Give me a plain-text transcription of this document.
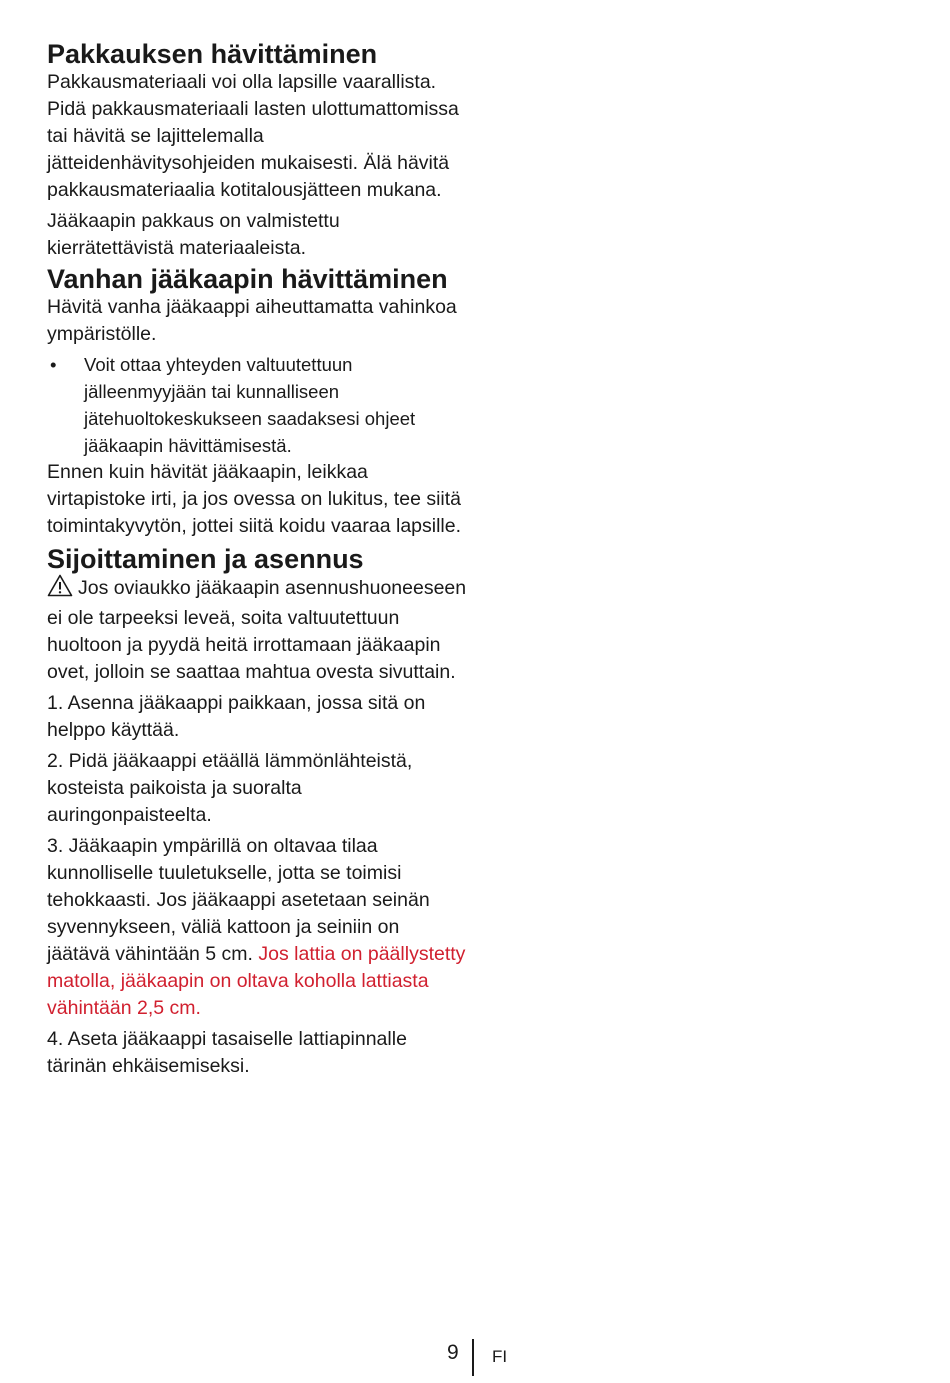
Pakkauksen hävittäminen

Pakkausmateriaali voi olla lapsille vaarallista. Pidä pakkausmateriaali lasten ulottumattomissa tai hävitä se lajittelemalla jätteidenhävitysohjeiden mukaisesti. Älä hävitä pakkausmateriaalia kotitalousjätteen mukana.

Jääkaapin pakkaus on valmistettu kierrätettävistä materiaaleista.

Vanhan jääkaapin hävittäminen

Hävitä vanha jääkaappi aiheuttamatta vahinkoa ympäristölle.

•	Voit ottaa yhteyden valtuutettuun jälleenmyyjään tai kunnalliseen jätehuoltokeskukseen saadaksesi ohjeet jääkaapin hävittämisestä.

Ennen kuin hävität jääkaapin, leikkaa virtapistoke irti, ja jos ovessa on lukitus, tee siitä toimintakyvytön, jottei siitä koidu vaaraa lapsille.

Sijoittaminen ja asennus

Jos oviaukko jääkaapin asennushuoneeseen ei ole tarpeeksi leveä, soita valtuutettuun huoltoon ja pyydä heitä irrottamaan jääkaapin ovet, jolloin se saattaa mahtua ovesta sivuttain.

1. Asenna jääkaappi paikkaan, jossa sitä on helppo käyttää.

2. Pidä jääkaappi etäällä lämmönlähteistä, kosteista paikoista ja suoralta auringonpaisteelta.

3. Jääkaapin ympärillä on oltavaa tilaa kunnolliselle tuuletukselle, jotta se toimisi tehokkaasti. Jos jääkaappi asetetaan seinän syvennykseen, väliä kattoon ja seiniin on jäätävä vähintään 5 cm. Jos lattia on päällystetty matolla, jääkaapin on oltava koholla lattiasta vähintään 2,5 cm.

4. Aseta jääkaappi tasaiselle lattiapinnalle tärinän ehkäisemiseksi.

9 FI
